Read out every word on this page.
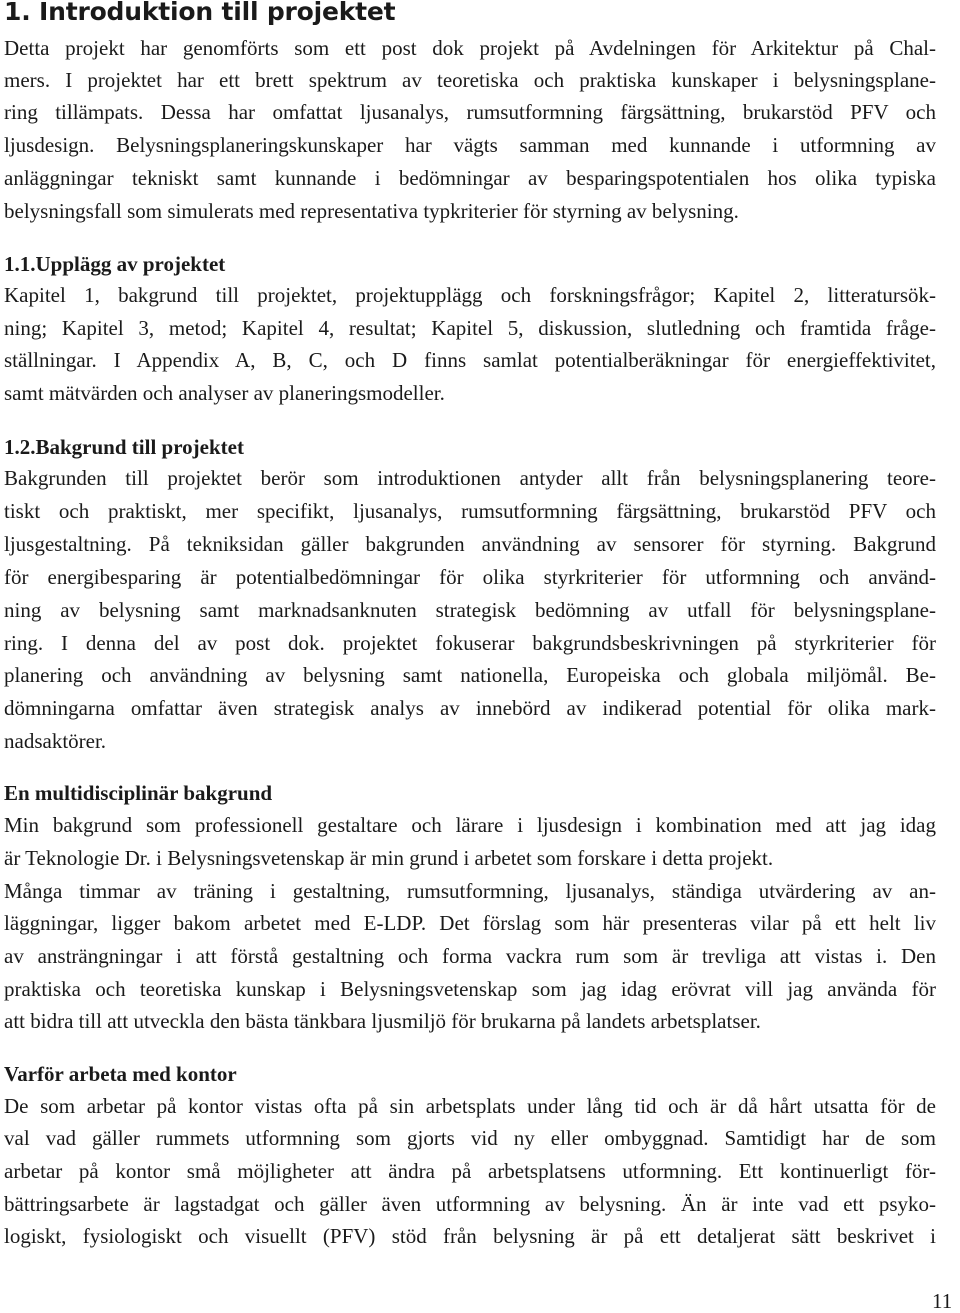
1. Introduktion till projektet
Detta projekt har genomförts som ett post dok projekt på Avdelningen för Arkitektur på Chal-
mers. I projektet har ett brett spektrum av teoretiska och praktiska kunskaper i belysningsplane-
ring tillämpats. Dessa har omfattat ljusanalys, rumsutformning färgsättning, brukarstöd PFV och
ljusdesign. Belysningsplaneringskunskaper har vägts samman med kunnande i utformning av
anläggningar tekniskt samt kunnande i bedömningar av besparingspotentialen hos olika typiska
belysningsfall som simulerats med representativa typkriterier för styrning av belysning.
1.1.Upplägg av projektet
Kapitel 1, bakgrund till projektet, projektupplägg och forskningsfrågor; Kapitel 2, litteratursök-
ning; Kapitel 3, metod; Kapitel 4, resultat; Kapitel 5, diskussion, slutledning och framtida fråge-
ställningar. I Appendix A, B, C, och D finns samlat potentialberäkningar för energieffektivitet,
samt mätvärden och analyser av planeringsmodeller.
1.2.Bakgrund till projektet
Bakgrunden till projektet berör som introduktionen antyder allt från belysningsplanering teore-
tiskt och praktiskt, mer specifikt, ljusanalys, rumsutformning färgsättning, brukarstöd PFV och
ljusgestaltning. På tekniksidan gäller bakgrunden användning av sensorer för styrning. Bakgrund
för energibesparing är potentialbedömningar för olika styrkriterier för utformning och använd-
ning av belysning samt marknadsanknuten strategisk bedömning av utfall för belysningsplane-
ring. I denna del av post dok. projektet fokuserar bakgrundsbeskrivningen på styrkriterier för
planering och användning av belysning samt nationella, Europeiska och globala miljömål. Be-
dömningarna omfattar även strategisk analys av innebörd av indikerad potential för olika mark-
nadsaktörer.
En multidisciplinär bakgrund
Min bakgrund som professionell gestaltare och lärare i ljusdesign i kombination med att jag idag
är Teknologie Dr. i Belysningsvetenskap är min grund i arbetet som forskare i detta projekt.
Många timmar av träning i gestaltning, rumsutformning, ljusanalys, ständiga utvärdering av an-
läggningar, ligger bakom arbetet med E-LDP. Det förslag som här presenteras vilar på ett helt liv
av ansträngningar i att förstå gestaltning och forma vackra rum som är trevliga att vistas i. Den
praktiska och teoretiska kunskap i Belysningsvetenskap som jag idag erövrat vill jag använda för
att bidra till att utveckla den bästa tänkbara ljusmiljö för brukarna på landets arbetsplatser.
Varför arbeta med kontor
De som arbetar på kontor vistas ofta på sin arbetsplats under lång tid och är då hårt utsatta för de
val vad gäller rummets utformning som gjorts vid ny eller ombyggnad. Samtidigt har de som
arbetar på kontor små möjligheter att ändra på arbetsplatsens utformning. Ett kontinuerligt för-
bättringsarbete är lagstadgat och gäller även utformning av belysning. Än är inte vad ett psyko-
logiskt, fysiologiskt och visuellt (PFV) stöd från belysning är på ett detaljerat sätt beskrivet i
11
